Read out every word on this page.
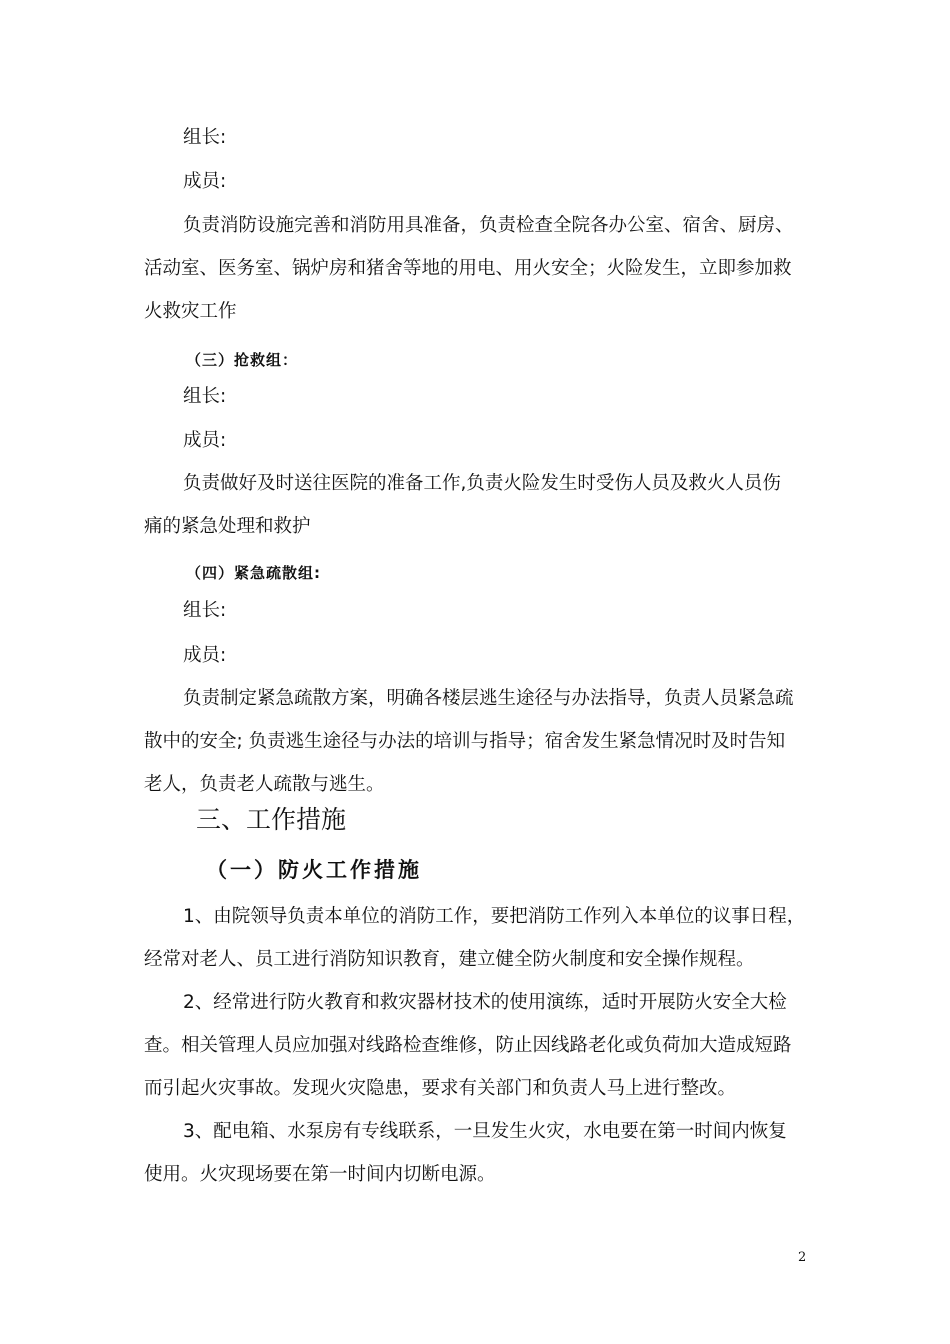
组长:
成员:
负责消防设施完善和消防用具准备，负责检查全院各办公室、宿舍、厨房、
活动室、医务室、锅炉房和猪舍等地的用电、用火安全；火险发生，立即参加救
火救灾工作
（三）抢救组：
组长:
成员:
负责做好及时送往医院的准备工作,负责火险发生时受伤人员及救火人员伤
痛的紧急处理和救护
（四）紧急疏散组:
组长:
成员:
负责制定紧急疏散方案，明确各楼层逃生途径与办法指导，负责人员紧急疏
散中的安全; 负责逃生途径与办法的培训与指导；宿舍发生紧急情况时及时告知
老人，负责老人疏散与逃生。
三、工作措施
（一）防火工作措施
1、由院领导负责本单位的消防工作，要把消防工作列入本单位的议事日程，
经常对老人、员工进行消防知识教育，建立健全防火制度和安全操作规程。
2、经常进行防火教育和救灾器材技术的使用演练，适时开展防火安全大检
查。相关管理人员应加强对线路检查维修，防止因线路老化或负荷加大造成短路
而引起火灾事故。发现火灾隐患，要求有关部门和负责人马上进行整改。
3、配电箱、水泵房有专线联系，一旦发生火灾，水电要在第一时间内恢复
使用。火灾现场要在第一时间内切断电源。
2
